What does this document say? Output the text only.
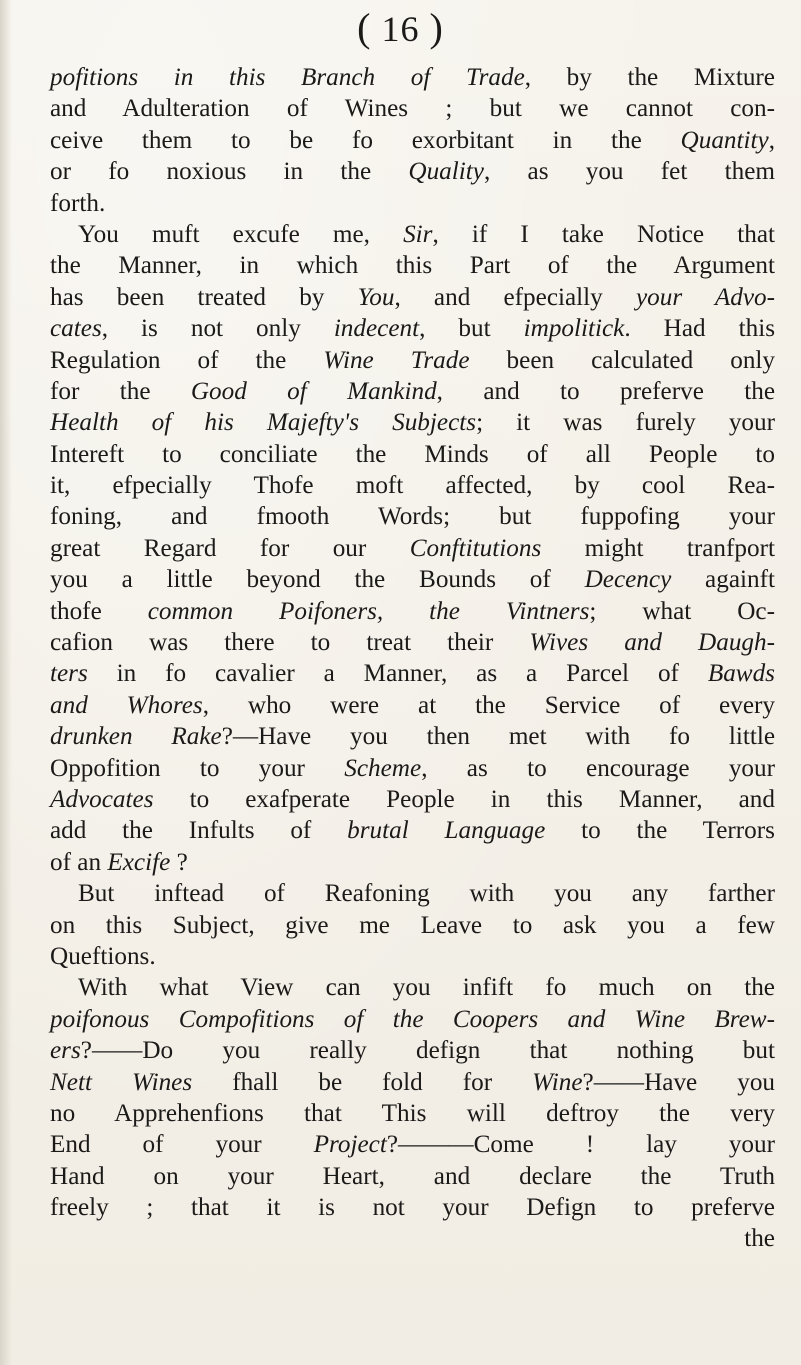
( 16 )
pofitions in this Branch of Trade, by the Mixture
and Adulteration of Wines ; but we cannot con-
ceive them to be fo exorbitant in the Quantity,
or fo noxious in the Quality, as you fet them
forth.
You muft excufe me, Sir, if I take Notice that
the Manner, in which this Part of the Argument
has been treated by You, and efpecially your Advo-
cates, is not only indecent, but impolitick. Had this
Regulation of the Wine Trade been calculated only
for the Good of Mankind, and to preferve the
Health of his Majefty's Subjects; it was furely your
Intereft to conciliate the Minds of all People to
it, efpecially Thofe moft affected, by cool Rea-
foning, and fmooth Words; but fuppofing your
great Regard for our Conftitutions might tranfport
you a little beyond the Bounds of Decency againft
thofe common Poifoners, the Vintners; what Oc-
cafion was there to treat their Wives and Daugh-
ters in fo cavalier a Manner, as a Parcel of Bawds
and Whores, who were at the Service of every
drunken Rake?—Have you then met with fo little
Oppofition to your Scheme, as to encourage your
Advocates to exafperate People in this Manner, and
add the Infults of brutal Language to the Terrors
of an Excife ?
But inftead of Reafoning with you any farther
on this Subject, give me Leave to ask you a few
Queftions.
With what View can you infift fo much on the
poifonous Compofitions of the Coopers and Wine Brew-
ers?——Do you really defign that nothing but
Nett Wines fhall be fold for Wine?——Have you
no Apprehenfions that This will deftroy the very
End of your Project?———Come ! lay your
Hand on your Heart, and declare the Truth
freely ; that it is not your Defign to preferve
the
